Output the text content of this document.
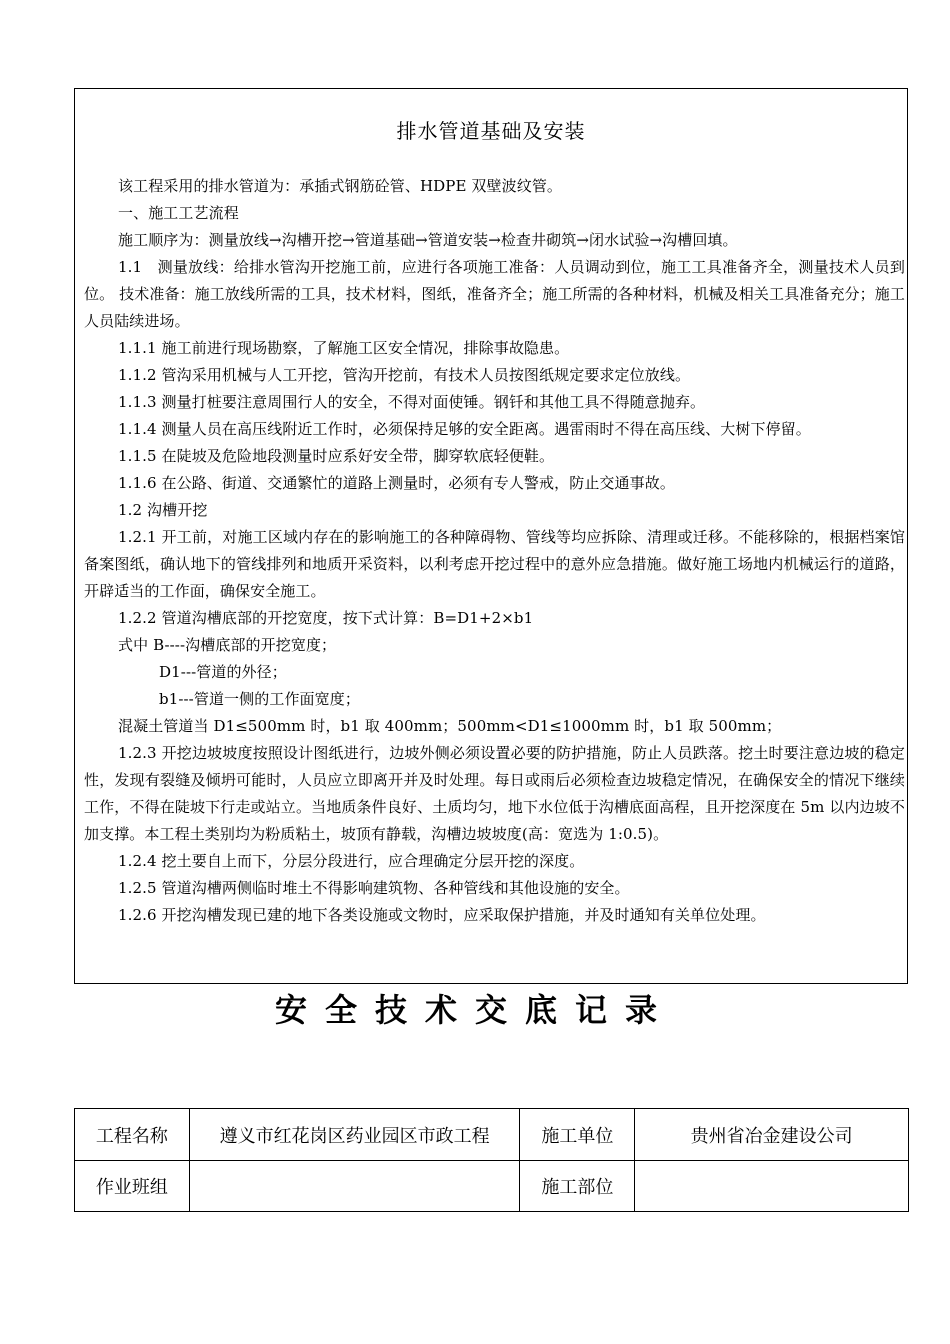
排水管道基础及安装

该工程采用的排水管道为：承插式钢筋砼管、HDPE 双壁波纹管。

一、施工工艺流程

施工顺序为：测量放线→沟槽开挖→管道基础→管道安装→检查井砌筑→闭水试验→沟槽回填。

1.1　测量放线：给排水管沟开挖施工前，应进行各项施工准备：人员调动到位，施工工具准备齐全，测量技术人员到位。 技术准备：施工放线所需的工具，技术材料，图纸，准备齐全；施工所需的各种材料，机械及相关工具准备充分；施工人员陆续进场。

1.1.1 施工前进行现场勘察，了解施工区安全情况，排除事故隐患。

1.1.2 管沟采用机械与人工开挖，管沟开挖前，有技术人员按图纸规定要求定位放线。

1.1.3 测量打桩要注意周围行人的安全，不得对面使锤。钢钎和其他工具不得随意抛弃。

1.1.4 测量人员在高压线附近工作时，必须保持足够的安全距离。遇雷雨时不得在高压线、大树下停留。

1.1.5 在陡坡及危险地段测量时应系好安全带，脚穿软底轻便鞋。

1.1.6 在公路、街道、交通繁忙的道路上测量时，必须有专人警戒，防止交通事故。

1.2 沟槽开挖

1.2.1 开工前，对施工区域内存在的影响施工的各种障碍物、管线等均应拆除、清理或迁移。不能移除的，根据档案馆备案图纸，确认地下的管线排列和地质开采资料，以利考虑开挖过程中的意外应急措施。做好施工场地内机械运行的道路，开辟适当的工作面，确保安全施工。

1.2.2 管道沟槽底部的开挖宽度，按下式计算：B=D1+2×b1

式中 B----沟槽底部的开挖宽度；

D1---管道的外径；

b1---管道一侧的工作面宽度；

混凝土管道当 D1≤500mm 时，b1 取 400mm；500mm<D1≤1000mm 时，b1 取 500mm；

1.2.3 开挖边坡坡度按照设计图纸进行，边坡外侧必须设置必要的防护措施，防止人员跌落。挖土时要注意边坡的稳定性，发现有裂缝及倾坍可能时，人员应立即离开并及时处理。每日或雨后必须检查边坡稳定情况，在确保安全的情况下继续工作，不得在陡坡下行走或站立。当地质条件良好、土质均匀，地下水位低于沟槽底面高程，且开挖深度在 5m 以内边坡不加支撑。本工程土类别均为粉质粘土，坡顶有静载，沟槽边坡坡度(高：宽选为 1:0.5)。

1.2.4 挖土要自上而下，分层分段进行，应合理确定分层开挖的深度。

1.2.5 管道沟槽两侧临时堆土不得影响建筑物、各种管线和其他设施的安全。

1.2.6 开挖沟槽发现已建的地下各类设施或文物时，应采取保护措施，并及时通知有关单位处理。

安全技术交底记录
工程名称	遵义市红花岗区药业园区市政工程	施工单位	贵州省冶金建设公司
作业班组		施工部位	
